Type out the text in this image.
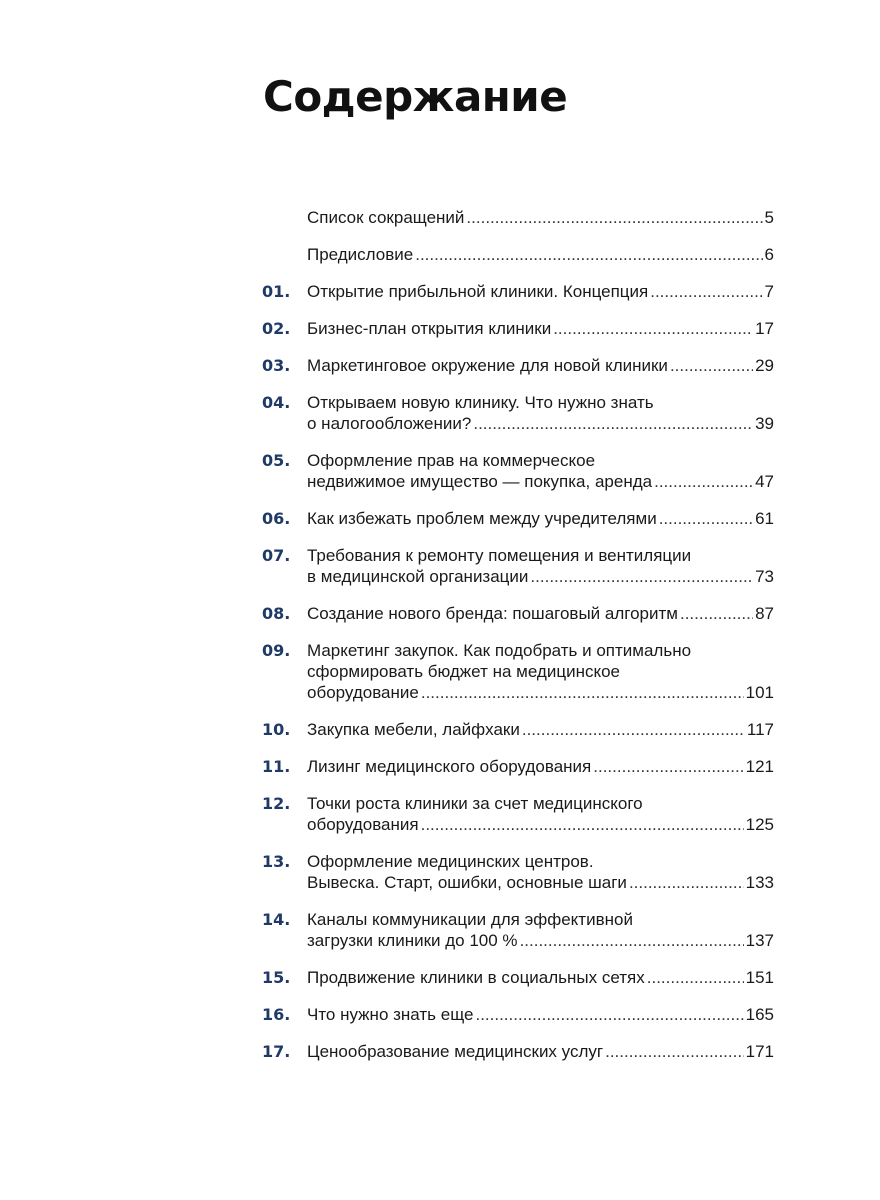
Содержание
Список сокращений .....	5
Предисловие .....	6
01. Открытие прибыльной клиники. Концепция .....	7
02. Бизнес-план открытия клиники .....	17
03. Маркетинговое окружение для новой клиники .....	29
04. Открываем новую клинику. Что нужно знать
о налогообложении? .....	39
05. Оформление прав на коммерческое
недвижимое имущество — покупка, аренда .....	47
06. Как избежать проблем между учредителями .....	61
07. Требования к ремонту помещения и вентиляции
в медицинской организации .....	73
08. Создание нового бренда: пошаговый алгоритм .....	87
09. Маркетинг закупок. Как подобрать и оптимально
сформировать бюджет на медицинское
оборудование .....	101
10. Закупка мебели, лайфхаки .....	117
11. Лизинг медицинского оборудования .....	121
12. Точки роста клиники за счет медицинского
оборудования .....	125
13. Оформление медицинских центров.
Вывеска. Старт, ошибки, основные шаги .....	133
14. Каналы коммуникации для эффективной
загрузки клиники до 100 % .....	137
15. Продвижение клиники в социальных сетях .....	151
16. Что нужно знать еще .....	165
17. Ценообразование медицинских услуг .....	171
